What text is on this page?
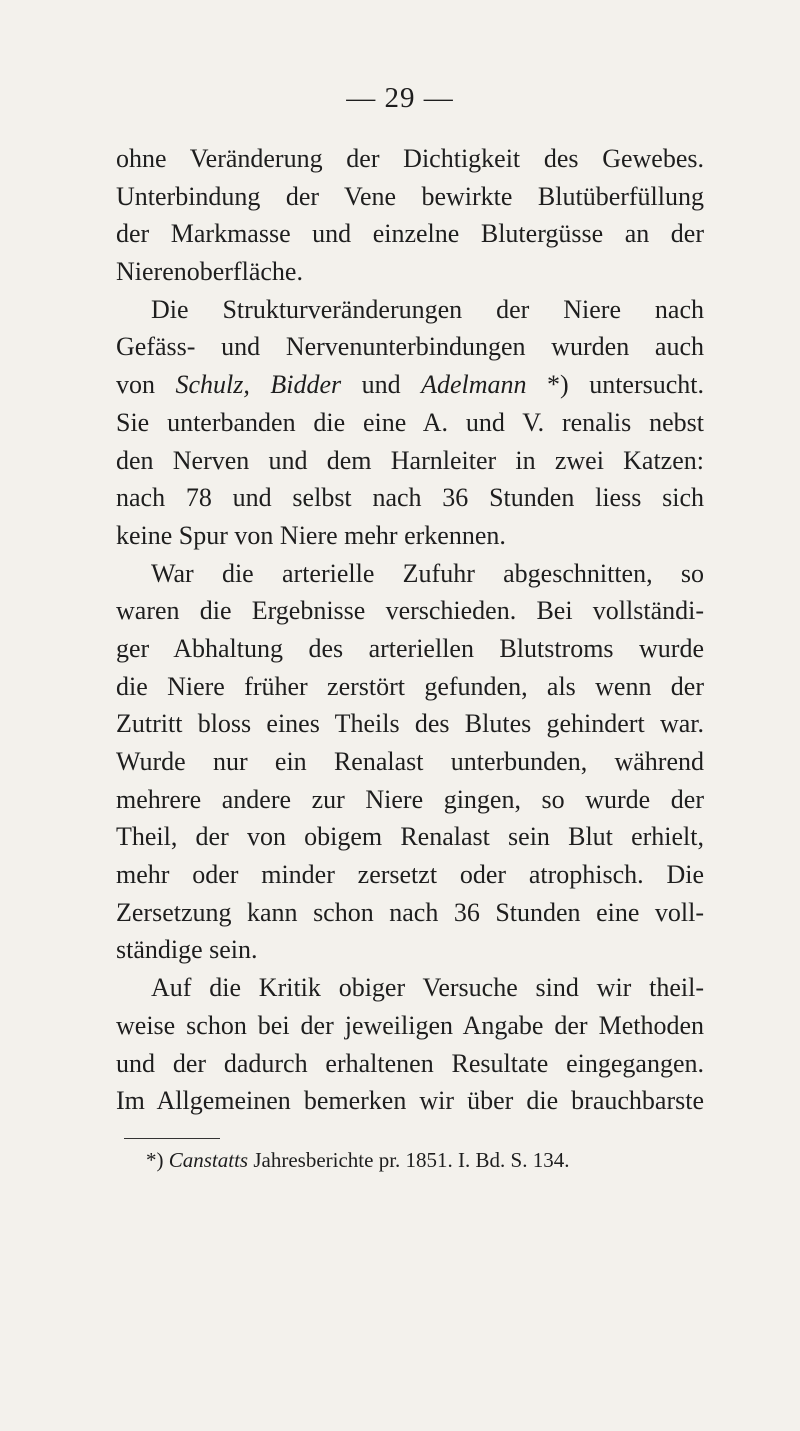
— 29 —
ohne Veränderung der Dichtigkeit des Gewebes.
Unterbindung der Vene bewirkte Blutüberfüllung
der Markmasse und einzelne Blutergüsse an der
Nierenoberfläche.
Die Strukturveränderungen der Niere nach
Gefäss- und Nervenunterbindungen wurden auch
von Schulz, Bidder und Adelmann *) untersucht.
Sie unterbanden die eine A. und V. renalis nebst
den Nerven und dem Harnleiter in zwei Katzen:
nach 78 und selbst nach 36 Stunden liess sich
keine Spur von Niere mehr erkennen.
War die arterielle Zufuhr abgeschnitten, so
waren die Ergebnisse verschieden. Bei vollständi-
ger Abhaltung des arteriellen Blutstroms wurde
die Niere früher zerstört gefunden, als wenn der
Zutritt bloss eines Theils des Blutes gehindert war.
Wurde nur ein Renalast unterbunden, während
mehrere andere zur Niere gingen, so wurde der
Theil, der von obigem Renalast sein Blut erhielt,
mehr oder minder zersetzt oder atrophisch. Die
Zersetzung kann schon nach 36 Stunden eine voll-
ständige sein.
Auf die Kritik obiger Versuche sind wir theil-
weise schon bei der jeweiligen Angabe der Methoden
und der dadurch erhaltenen Resultate eingegangen.
Im Allgemeinen bemerken wir über die brauchbarste
*) Canstatts Jahresberichte pr. 1851. I. Bd. S. 134.
